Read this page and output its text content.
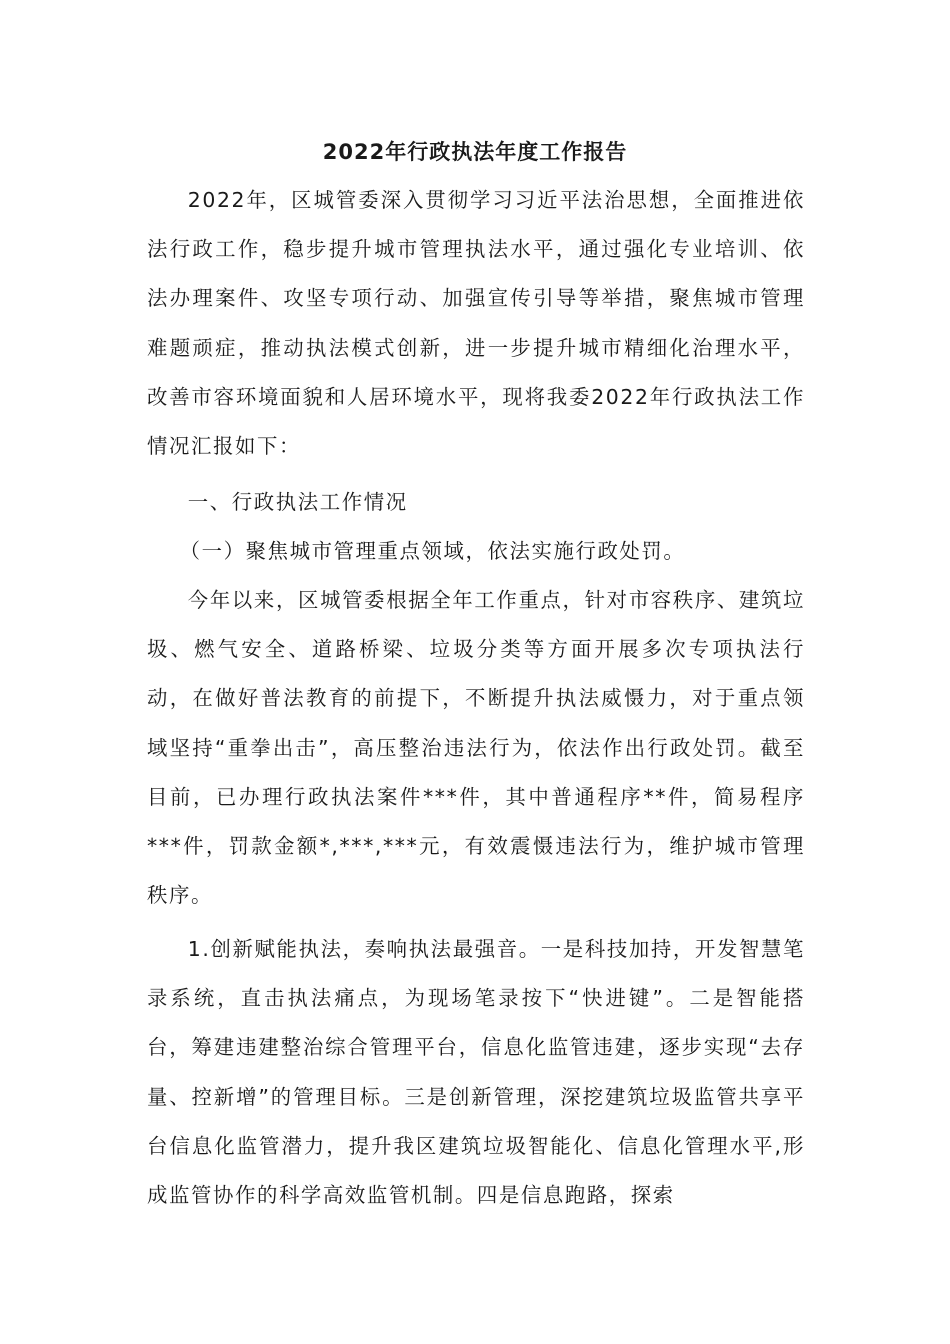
2022年行政执法年度工作报告

2022年，区城管委深入贯彻学习习近平法治思想，全面推进依法行政工作，稳步提升城市管理执法水平，通过强化专业培训、依法办理案件、攻坚专项行动、加强宣传引导等举措，聚焦城市管理难题顽症，推动执法模式创新，进一步提升城市精细化治理水平，改善市容环境面貌和人居环境水平，现将我委2022年行政执法工作情况汇报如下：

一、行政执法工作情况

（一）聚焦城市管理重点领域，依法实施行政处罚。

今年以来，区城管委根据全年工作重点，针对市容秩序、建筑垃圾、燃气安全、道路桥梁、垃圾分类等方面开展多次专项执法行动，在做好普法教育的前提下，不断提升执法威慑力，对于重点领域坚持“重拳出击”，高压整治违法行为，依法作出行政处罚。截至目前，已办理行政执法案件***件，其中普通程序**件，简易程序***件，罚款金额*,***,***元，有效震慑违法行为，维护城市管理秩序。

1.创新赋能执法，奏响执法最强音。一是科技加持，开发智慧笔录系统，直击执法痛点，为现场笔录按下“快进键”。二是智能搭台，筹建违建整治综合管理平台，信息化监管违建，逐步实现“去存量、控新增”的管理目标。三是创新管理，深挖建筑垃圾监管共享平台信息化监管潜力，提升我区建筑垃圾智能化、信息化管理水平,形成监管协作的科学高效监管机制。四是信息跑路，探索
